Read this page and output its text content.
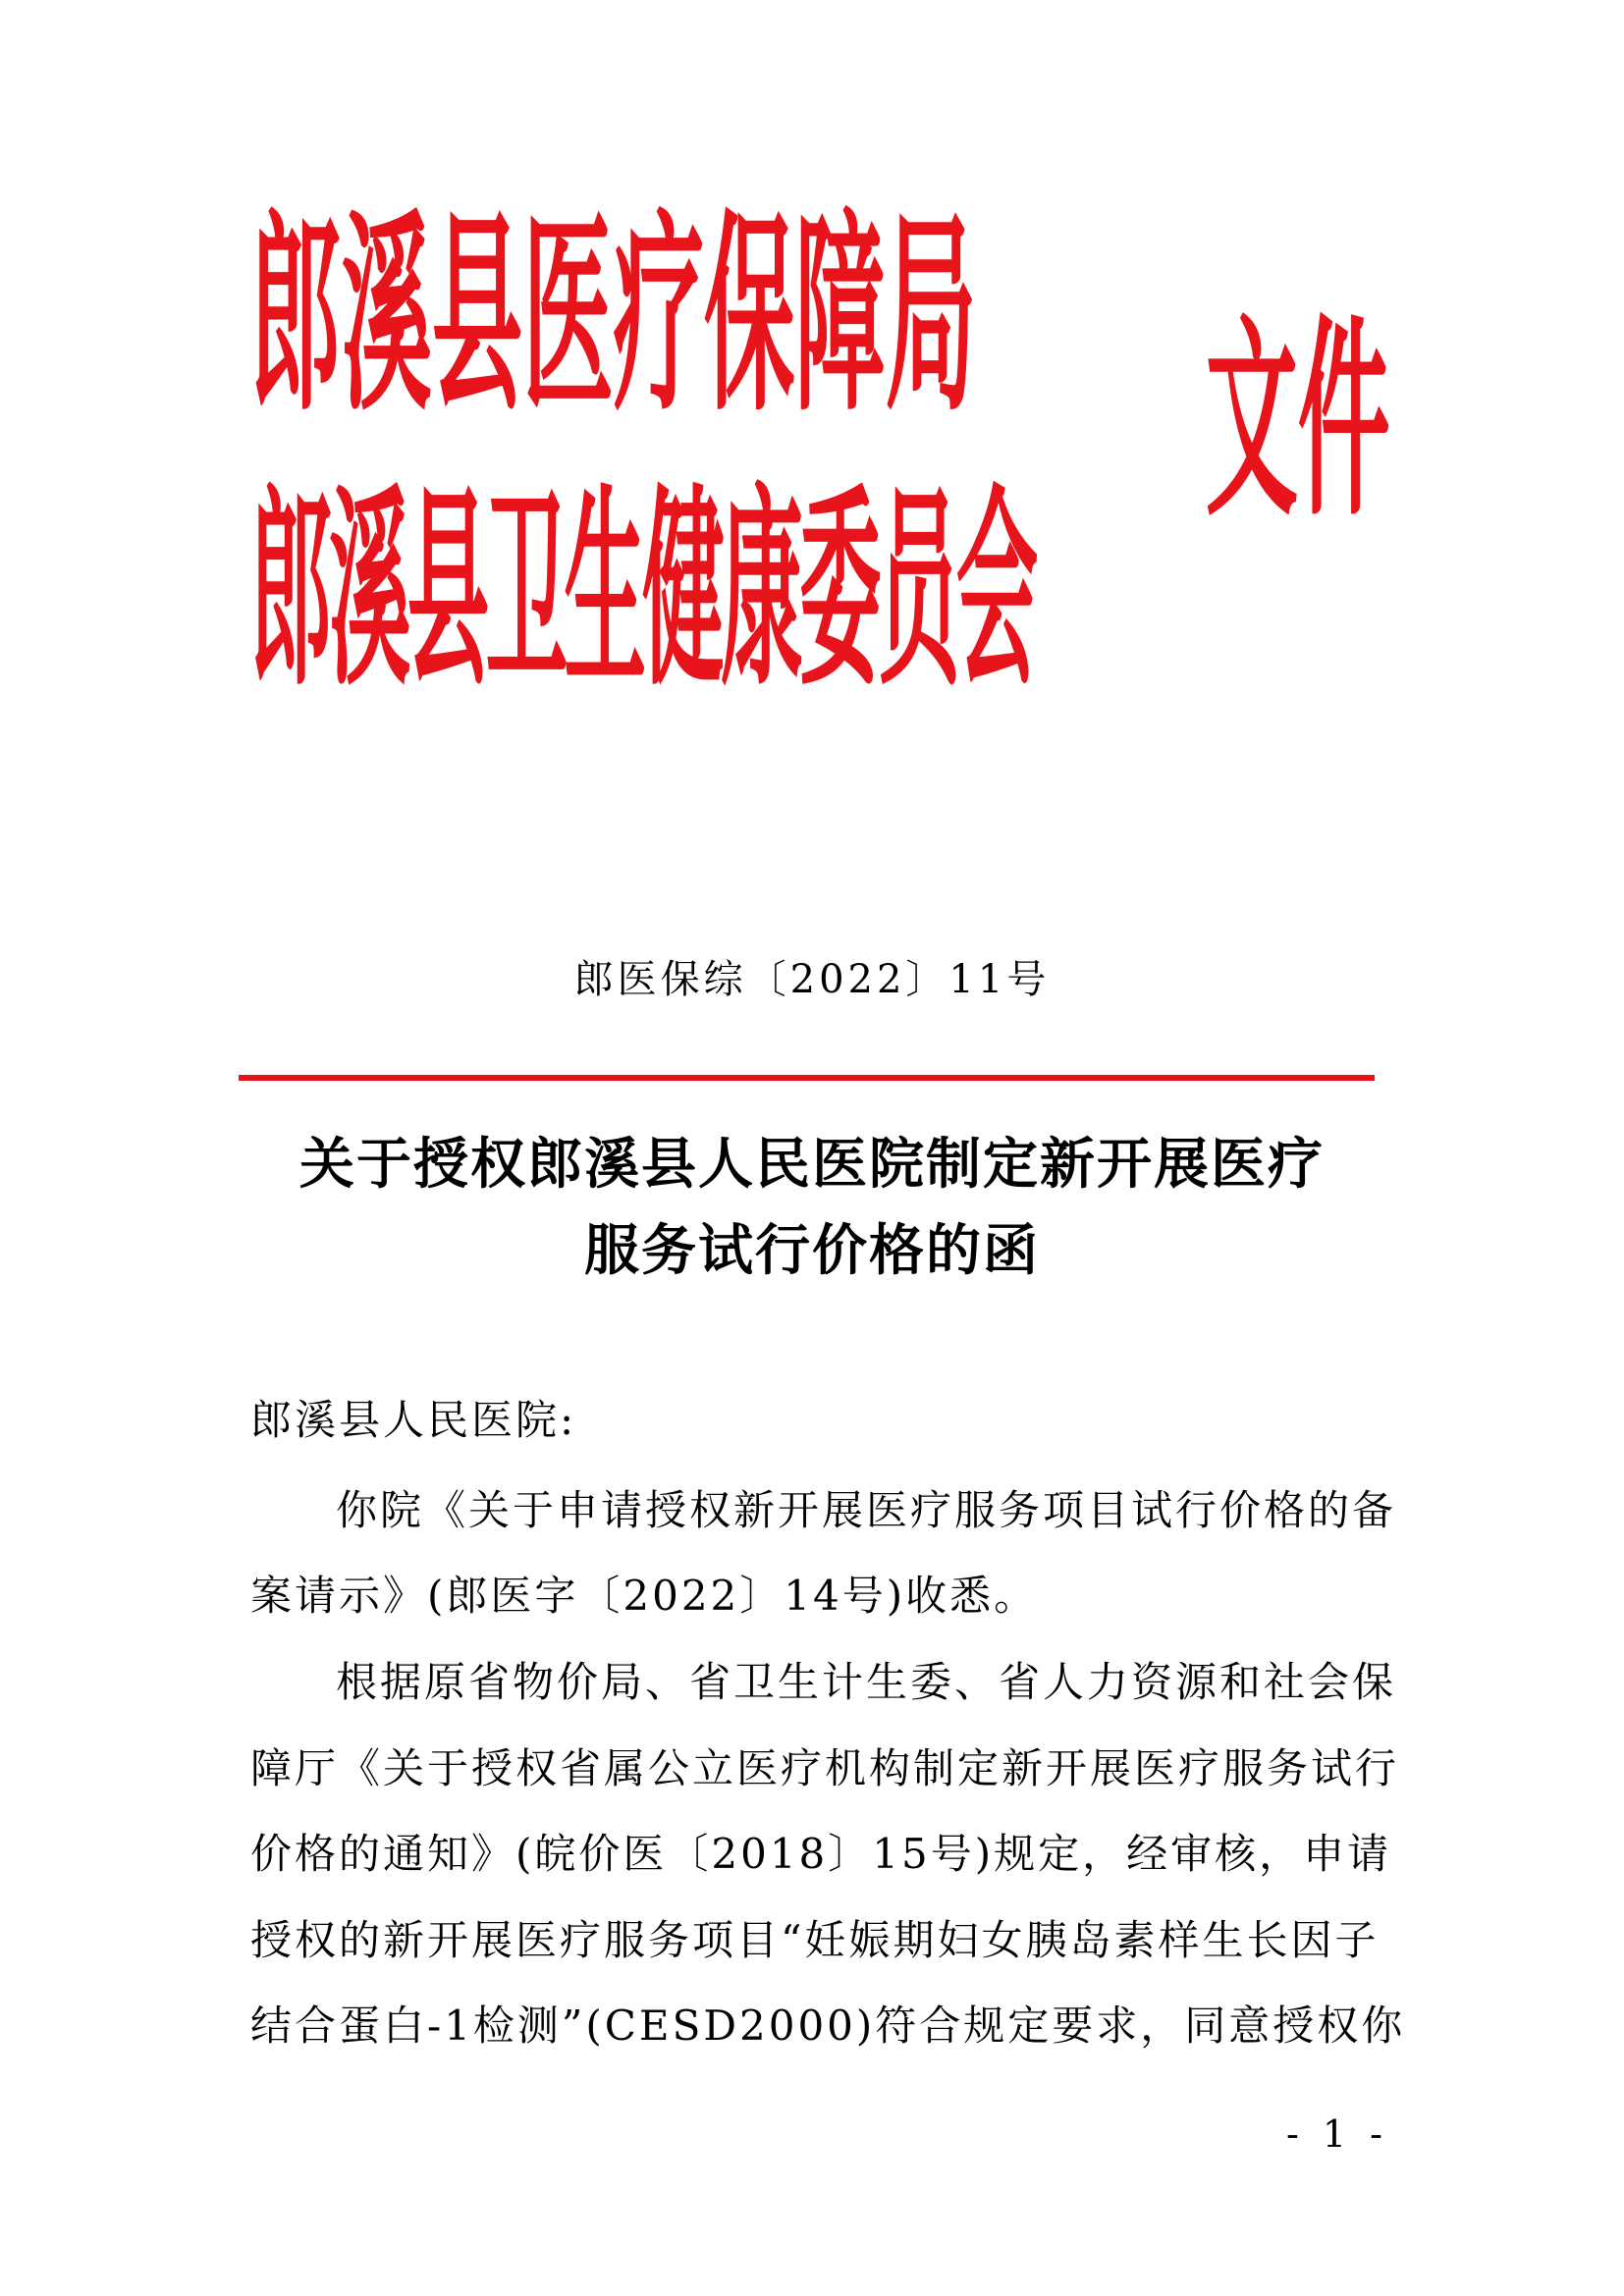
郎溪县医疗保障局
郎溪县卫生健康委员会
文件
郎医保综〔2022〕11号
关于授权郎溪县人民医院制定新开展医疗
服务试行价格的函
郎溪县人民医院:
你院《关于申请授权新开展医疗服务项目试行价格的备
案请示》(郎医字〔2022〕14号)收悉。
根据原省物价局、省卫生计生委、省人力资源和社会保
障厅《关于授权省属公立医疗机构制定新开展医疗服务试行
价格的通知》(皖价医〔2018〕15号)规定，经审核，申请
授权的新开展医疗服务项目“妊娠期妇女胰岛素样生长因子
结合蛋白-1检测”(CESD2000)符合规定要求，同意授权你
- 1 -
